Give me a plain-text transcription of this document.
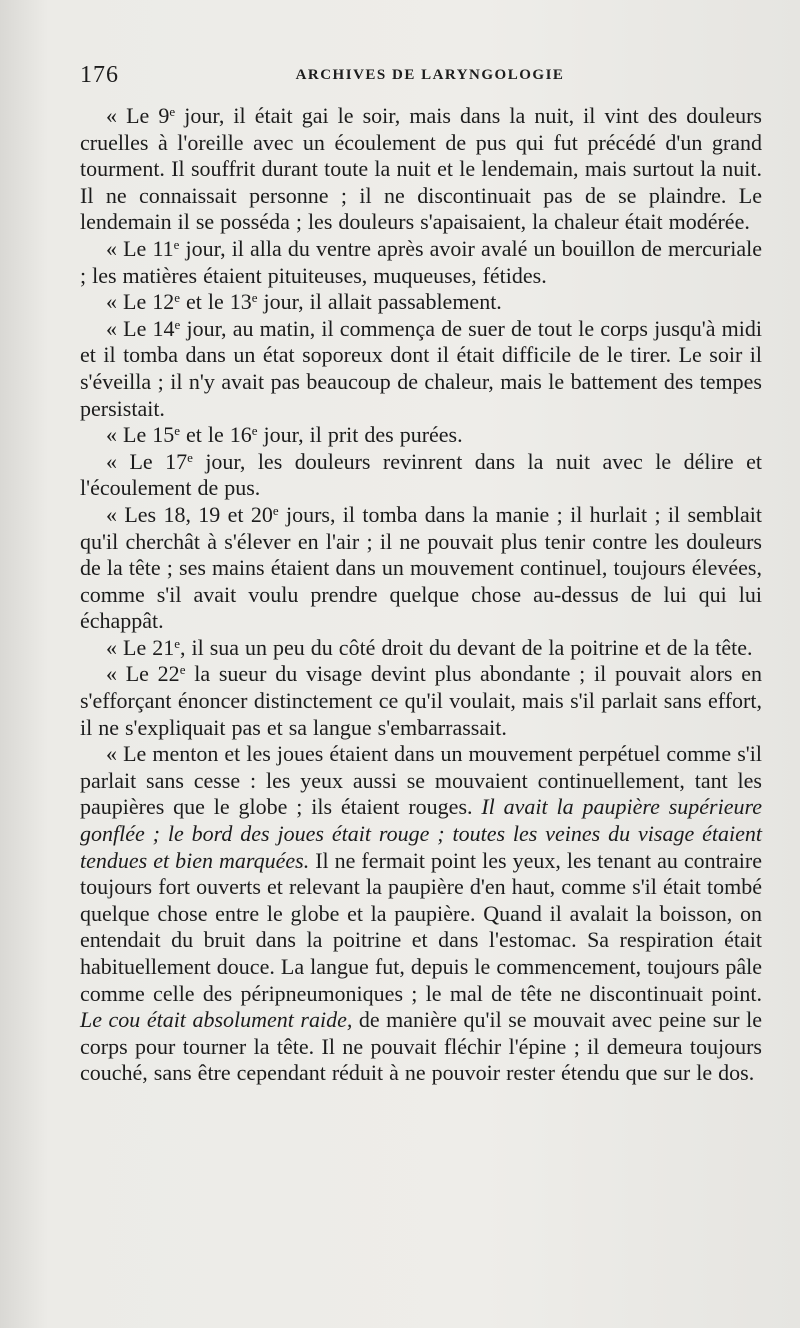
176	ARCHIVES DE LARYNGOLOGIE

« Le 9e jour, il était gai le soir, mais dans la nuit, il vint des douleurs cruelles à l'oreille avec un écoulement de pus qui fut précédé d'un grand tourment. Il souffrit durant toute la nuit et le lendemain, mais surtout la nuit. Il ne connaissait personne ; il ne discontinuait pas de se plaindre. Le lendemain il se posséda ; les douleurs s'apaisaient, la chaleur était modérée.

« Le 11e jour, il alla du ventre après avoir avalé un bouillon de mercuriale ; les matières étaient pituiteuses, muqueuses, fétides.

« Le 12e et le 13e jour, il allait passablement.

« Le 14e jour, au matin, il commença de suer de tout le corps jusqu'à midi et il tomba dans un état soporeux dont il était difficile de le tirer. Le soir il s'éveilla ; il n'y avait pas beaucoup de chaleur, mais le battement des tempes persistait.

« Le 15e et le 16e jour, il prit des purées.

« Le 17e jour, les douleurs revinrent dans la nuit avec le délire et l'écoulement de pus.

« Les 18, 19 et 20e jours, il tomba dans la manie ; il hurlait ; il semblait qu'il cherchât à s'élever en l'air ; il ne pouvait plus tenir contre les douleurs de la tête ; ses mains étaient dans un mouvement continuel, toujours élevées, comme s'il avait voulu prendre quelque chose au-dessus de lui qui lui échappât.

« Le 21e, il sua un peu du côté droit du devant de la poitrine et de la tête.

« Le 22e la sueur du visage devint plus abondante ; il pouvait alors en s'efforçant énoncer distinctement ce qu'il voulait, mais s'il parlait sans effort, il ne s'expliquait pas et sa langue s'embarrassait.

« Le menton et les joues étaient dans un mouvement perpétuel comme s'il parlait sans cesse : les yeux aussi se mouvaient continuellement, tant les paupières que le globe ; ils étaient rouges. Il avait la paupière supérieure gonflée ; le bord des joues était rouge ; toutes les veines du visage étaient tendues et bien marquées. Il ne fermait point les yeux, les tenant au contraire toujours fort ouverts et relevant la paupière d'en haut, comme s'il était tombé quelque chose entre le globe et la paupière. Quand il avalait la boisson, on entendait du bruit dans la poitrine et dans l'estomac. Sa respiration était habituellement douce. La langue fut, depuis le commencement, toujours pâle comme celle des péripneumoniques ; le mal de tête ne discontinuait point. Le cou était absolument raide, de manière qu'il se mouvait avec peine sur le corps pour tourner la tête. Il ne pouvait fléchir l'épine ; il demeura toujours couché, sans être cependant réduit à ne pouvoir rester étendu que sur le dos.
